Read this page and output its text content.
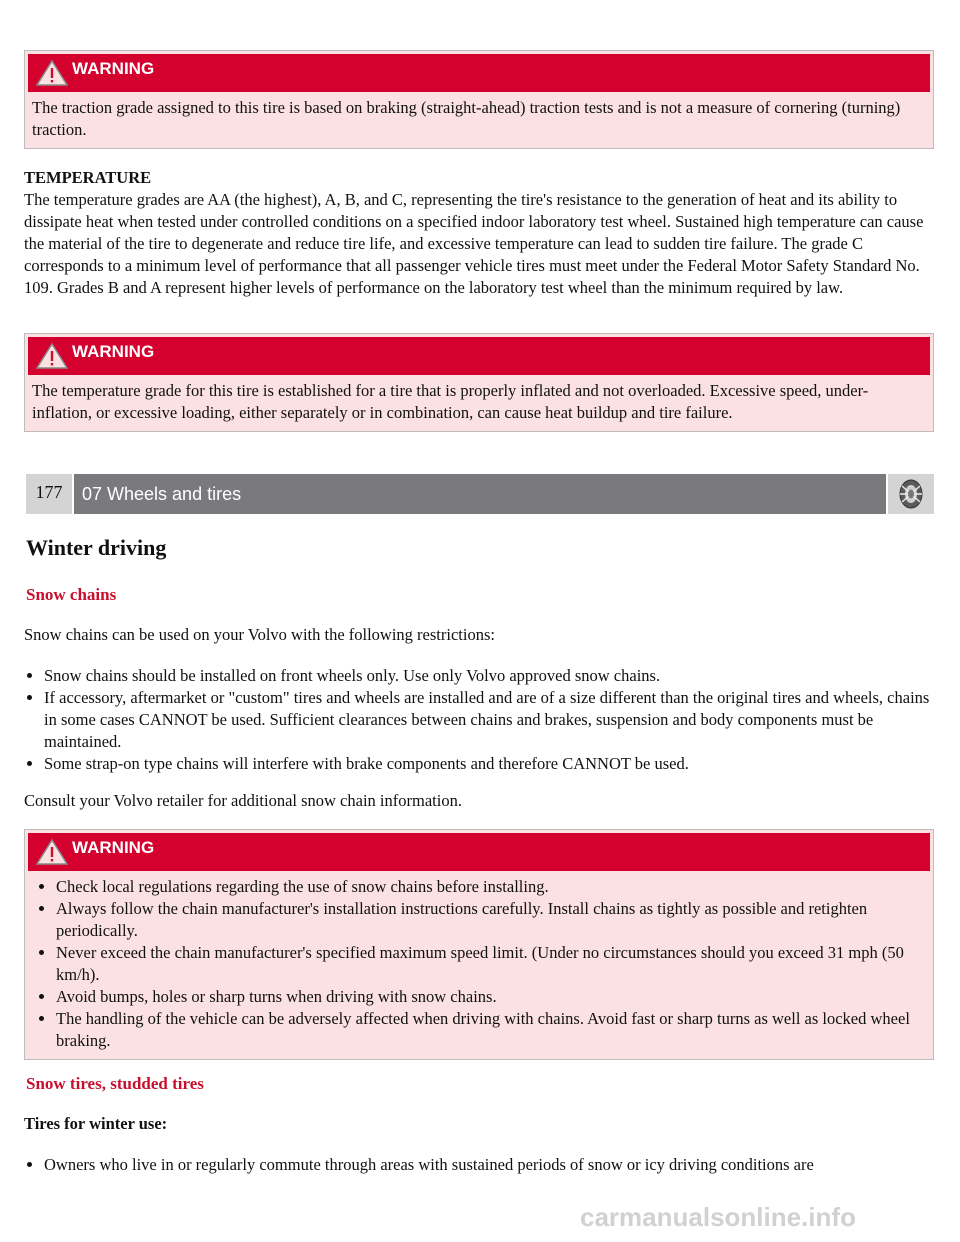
WARNING
The traction grade assigned to this tire is based on braking (straight-ahead) traction tests and is not a measure of cornering (turning) traction.
TEMPERATURE
The temperature grades are AA (the highest), A, B, and C, representing the tire's resistance to the generation of heat and its ability to dissipate heat when tested under controlled conditions on a specified indoor laboratory test wheel. Sustained high temperature can cause the material of the tire to degenerate and reduce tire life, and excessive temperature can lead to sudden tire failure. The grade C corresponds to a minimum level of performance that all passenger vehicle tires must meet under the Federal Motor Safety Standard No. 109. Grades B and A represent higher levels of performance on the laboratory test wheel than the minimum required by law.
WARNING
The temperature grade for this tire is established for a tire that is properly inflated and not overloaded. Excessive speed, under-inflation, or excessive loading, either separately or in combination, can cause heat buildup and tire failure.
177	07 Wheels and tires
Winter driving
Snow chains
Snow chains can be used on your Volvo with the following restrictions:
• Snow chains should be installed on front wheels only. Use only Volvo approved snow chains.
• If accessory, aftermarket or "custom" tires and wheels are installed and are of a size different than the original tires and wheels, chains in some cases CANNOT be used. Sufficient clearances between chains and brakes, suspension and body components must be maintained.
• Some strap-on type chains will interfere with brake components and therefore CANNOT be used.
Consult your Volvo retailer for additional snow chain information.
WARNING
• Check local regulations regarding the use of snow chains before installing.
• Always follow the chain manufacturer's installation instructions carefully. Install chains as tightly as possible and retighten periodically.
• Never exceed the chain manufacturer's specified maximum speed limit. (Under no circumstances should you exceed 31 mph (50 km/h).
• Avoid bumps, holes or sharp turns when driving with snow chains.
• The handling of the vehicle can be adversely affected when driving with chains. Avoid fast or sharp turns as well as locked wheel braking.
Snow tires, studded tires
Tires for winter use:
• Owners who live in or regularly commute through areas with sustained periods of snow or icy driving conditions are
carmanualsonline.info
